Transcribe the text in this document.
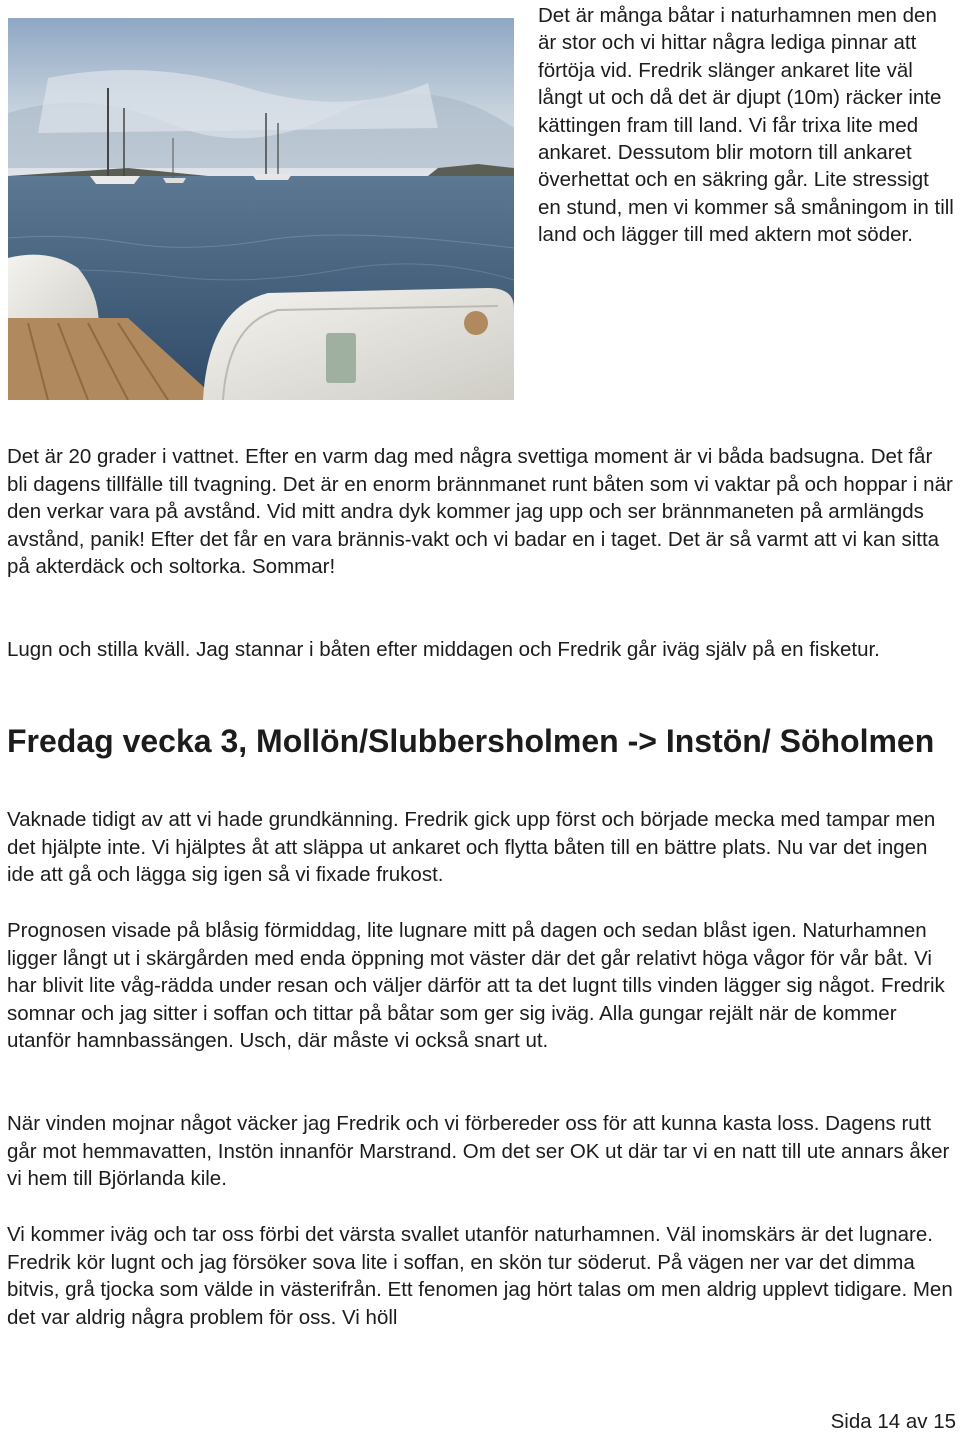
Det är många båtar i naturhamnen men den är stor och vi hittar några lediga pinnar att förtöja vid. Fredrik slänger ankaret lite väl långt ut och då det är djupt (10m) räcker inte kättingen fram till land. Vi får trixa lite med ankaret. Dessutom blir motorn till ankaret överhettat och en säkring går. Lite stressigt en stund, men vi kommer så småningom in till land och lägger till med aktern mot söder.

Det är 20 grader i vattnet. Efter en varm dag med några svettiga moment är vi båda badsugna. Det får bli dagens tillfälle till tvagning. Det är en enorm brännmanet runt båten som vi vaktar på och hoppar i när den verkar vara på avstånd. Vid mitt andra dyk kommer jag upp och ser brännmaneten på armlängds avstånd, panik! Efter det får en vara brännis-vakt och vi badar en i taget. Det är så varmt att vi kan sitta på akterdäck och soltorka. Sommar!

Lugn och stilla kväll. Jag stannar i båten efter middagen och Fredrik går iväg själv på en fisketur.

Fredag vecka 3, Mollön/Slubbersholmen -> Instön/ Söholmen

Vaknade tidigt av att vi hade grundkänning. Fredrik gick upp först och började mecka med tampar men det hjälpte inte. Vi hjälptes åt att släppa ut ankaret och flytta båten till en bättre plats. Nu var det ingen ide att gå och lägga sig igen så vi fixade frukost.

Prognosen visade på blåsig förmiddag, lite lugnare mitt på dagen och sedan blåst igen. Naturhamnen ligger långt ut i skärgården med enda öppning mot väster där det går relativt höga vågor för vår båt. Vi har blivit lite våg-rädda under resan och väljer därför att ta det lugnt tills vinden lägger sig något. Fredrik somnar och jag sitter i soffan och tittar på båtar som ger sig iväg. Alla gungar rejält när de kommer utanför hamnbassängen. Usch, där måste vi också snart ut.

När vinden mojnar något väcker jag Fredrik och vi förbereder oss för att kunna kasta loss. Dagens rutt går mot hemmavatten, Instön innanför Marstrand. Om det ser OK ut där tar vi en natt till ute annars åker vi hem till Björlanda kile.

Vi kommer iväg och tar oss förbi det värsta svallet utanför naturhamnen. Väl inomskärs är det lugnare. Fredrik kör lugnt och jag försöker sova lite i soffan, en skön tur söderut. På vägen ner var det dimma bitvis, grå tjocka som välde in västerifrån. Ett fenomen jag hört talas om men aldrig upplevt tidigare. Men det var aldrig några problem för oss. Vi höll

Sida 14 av 15
